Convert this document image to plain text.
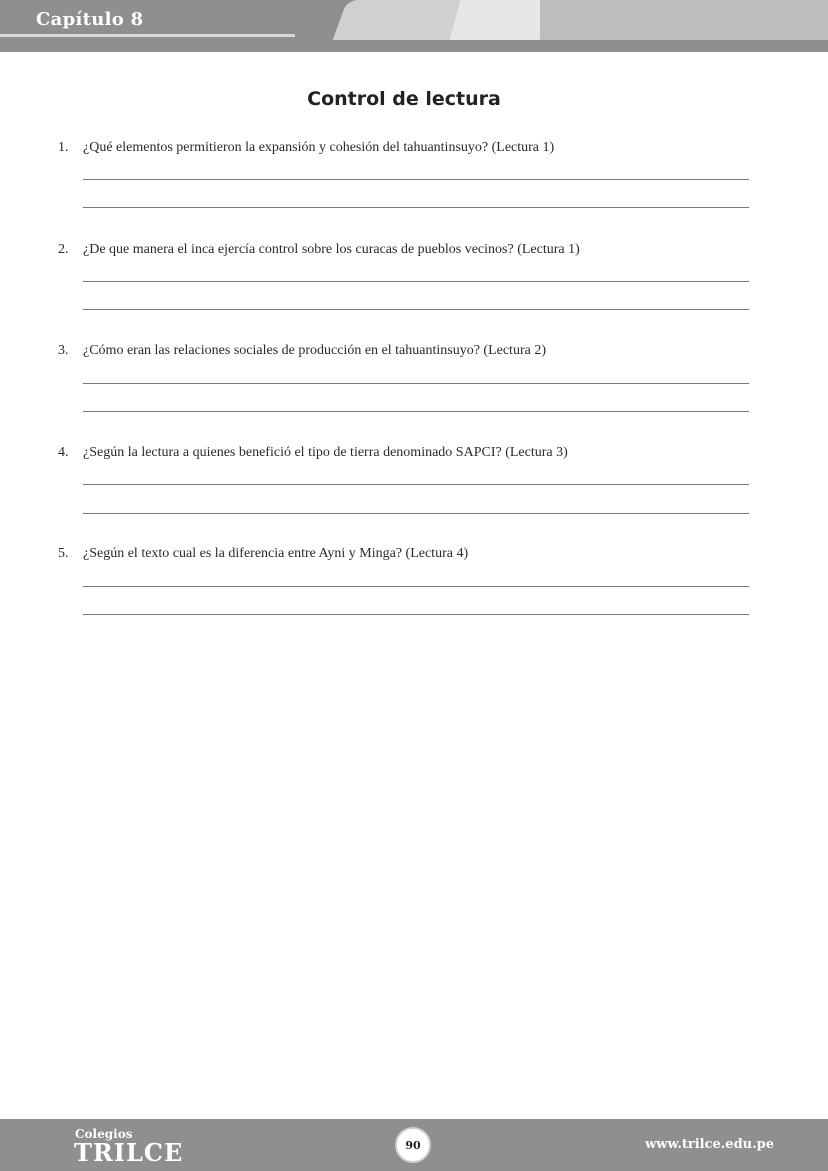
Capítulo 8
Control de lectura
1. ¿Qué elementos permitieron la expansión y cohesión del tahuantinsuyo? (Lectura 1)
2. ¿De que manera el inca ejercía control sobre los curacas de pueblos vecinos? (Lectura 1)
3. ¿Cómo eran las relaciones sociales de producción en el tahuantinsuyo? (Lectura 2)
4. ¿Según la lectura a quienes benefició el tipo de tierra denominado SAPCI? (Lectura 3)
5. ¿Según el texto cual es la diferencia entre Ayni y Minga? (Lectura 4)
Colegios
TRILCE	90	www.trilce.edu.pe
